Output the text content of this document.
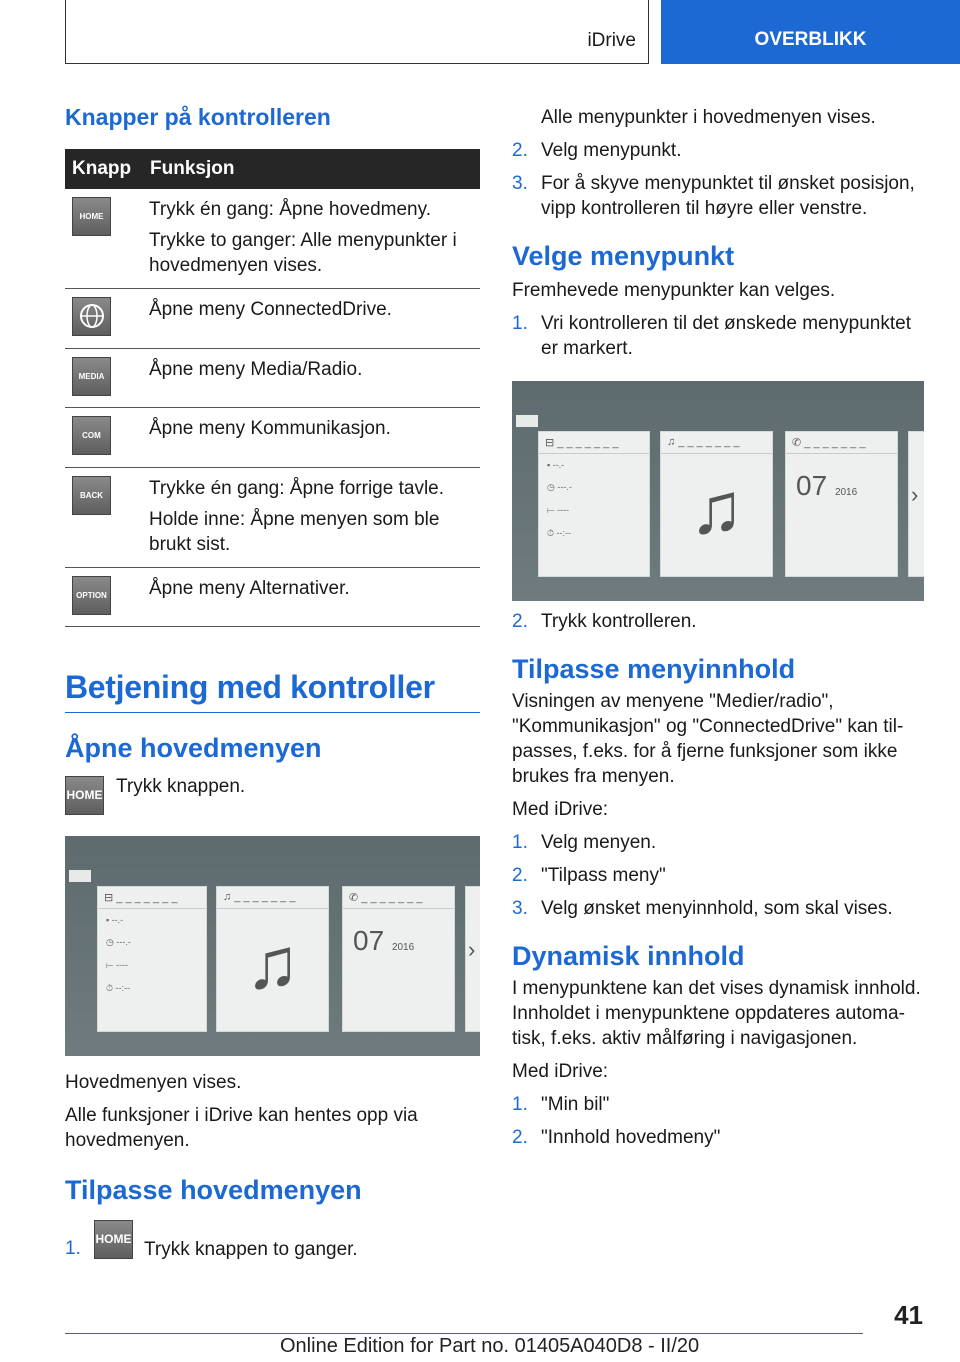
iDrive	OVERBLIKK
Knapper på kontrolleren
Knapp	Funksjon
HOME	Trykk én gang: Åpne hovedmeny.
Trykke to ganger: Alle menypunkter i hovedmenyen vises.

Åpne meny ConnectedDrive.

MEDIA	Åpne meny Media/Radio.

COM	Åpne meny Kommunikasjon.

BACK	Trykke én gang: Åpne forrige tavle.
Holde inne: Åpne menyen som ble brukt sist.

OPTION	Åpne meny Alternativer.
Betjening med kontroller
Åpne hovedmenyen
HOME Trykk knappen.

⊟ _ _ _ _ _ _ _
▪ --.-
◷ ---.-
⟝ ----
⏱ --:--
♫ _ _ _ _ _ _ _
♫
✆ _ _ _ _ _ _ _
07 2016	›

Hovedmenyen vises.

Alle funksjoner i iDrive kan hentes opp via hovedmenyen.

Tilpasse hovedmenyen
1. HOME Trykk knappen to ganger.

Alle menypunkter i hovedmenyen vises.

2. Velg menypunkt.
3. For å skyve menypunktet til ønsket posisjon, vipp kontrolleren til høyre eller venstre.
Velge menypunkt

Fremhevede menypunkter kan velges.

1. Vri kontrolleren til det ønskede menypunktet er markert.
⊟ _ _ _ _ _ _ _
▪ --.-
◷ ---.-
⟝ ----
⏱ --:--
♫ _ _ _ _ _ _ _
♫
✆ _ _ _ _ _ _ _
07 2016	›
2. Trykk kontrolleren.
Tilpasse menyinnhold

Visningen av menyene "Medier/radio", "Kommunikasjon" og "ConnectedDrive" kan tilpasses, f.eks. for å fjerne funksjoner som ikke brukes fra menyen.

Med iDrive:

1. Velg menyen.
2. "Tilpass meny"
3. Velg ønsket menyinnhold, som skal vises.
Dynamisk innhold

I menypunktene kan det vises dynamisk innhold. Innholdet i menypunktene oppdateres automatisk, f.eks. aktiv målføring i navigasjonen.

Med iDrive:

1. "Min bil"
2. "Innhold hovedmeny"
41
Online Edition for Part no. 01405A040D8 - II/20
